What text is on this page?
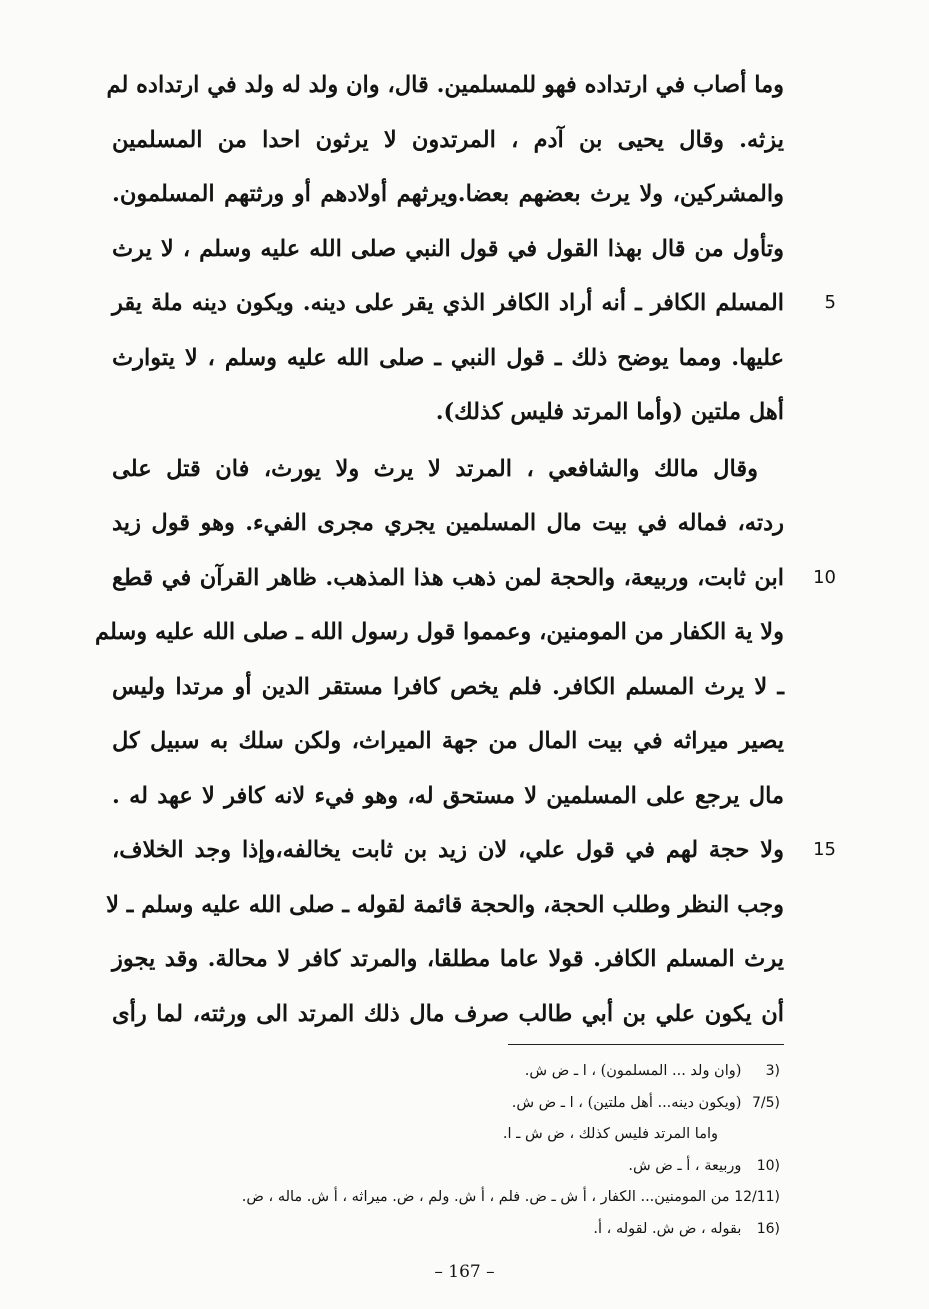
وما أصاب في ارتداده فهو للمسلمين. قال، وان ولد له ولد في ارتداده لم
يزثه. وقال يحيى بن آدم ، المرتدون لا يرثون احدا من المسلمين
والمشركين، ولا يرث بعضهم بعضا.ويرثهم أولادهم أو ورثتهم المسلمون.
وتأول من قال بهذا القول في قول النبي صلى الله عليه وسلم ، لا يرث
المسلم الكافر ـ أنه أراد الكافر الذي يقر على دينه. ويكون دينه ملة يقر 5
عليها. ومما يوضح ذلك ـ قول النبي ـ صلى الله عليه وسلم ، لا يتوارث
أهل ملتين (وأما المرتد فليس كذلك).
وقال مالك والشافعي ، المرتد لا يرث ولا يورث، فان قتل على
ردته، فماله في بيت مال المسلمين يجري مجرى الفيء. وهو قول زيد
ابن ثابت، وربيعة، والحجة لمن ذهب هذا المذهب. ظاهر القرآن في قطع 10
ولا ية الكفار من المومنين، وعمموا قول رسول الله ـ صلى الله عليه وسلم
ـ لا يرث المسلم الكافر. فلم يخص كافرا مستقر الدين أو مرتدا وليس
يصير ميراثه في بيت المال من جهة الميراث، ولكن سلك به سبيل كل
مال يرجع على المسلمين لا مستحق له، وهو فيء لانه كافر لا عهد له .
ولا حجة لهم في قول علي، لان زيد بن ثابت يخالفه،وإذا وجد الخلاف، 15
وجب النظر وطلب الحجة، والحجة قائمة لقوله ـ صلى الله عليه وسلم ـ لا
يرث المسلم الكافر. قولا عاما مطلقا، والمرتد كافر لا محالة. وقد يجوز
أن يكون علي بن أبي طالب صرف مال ذلك المرتد الى ورثته، لما رأى
3) (وان ولد ... المسلمون) ، ا ـ ض ش.
7/5) (ويكون دينه... أهل ملتين) ، ا ـ ض ش.
واما المرتد فليس كذلك ، ض ش ـ ا.
10) وربيعة ، أ ـ ض ش.
12/11) من المومنين... الكفار ، أ ش ـ ض. فلم ، أ ش. ولم ، ض. ميراثه ، أ ش. ماله ، ض.
16) بقوله ، ض ش. لقوله ، أ.
– 167 –
